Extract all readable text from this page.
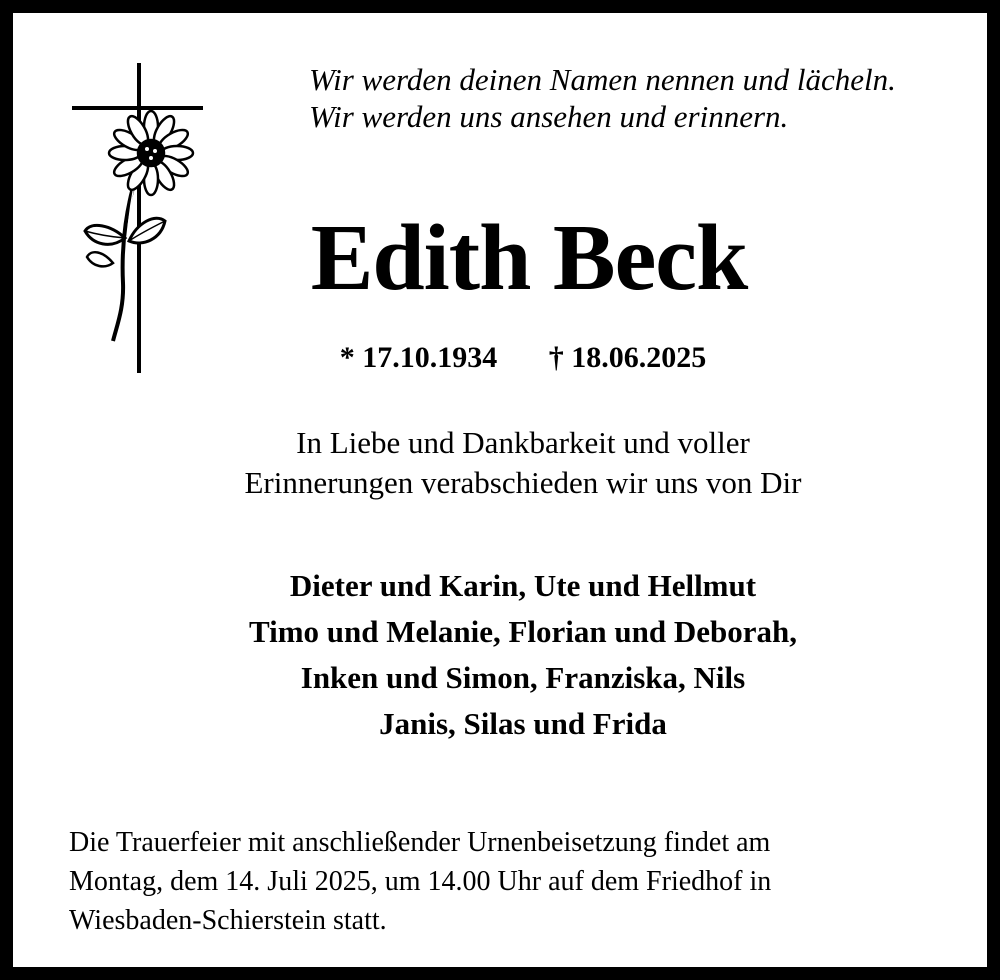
Wir werden deinen Namen nennen und lächeln.
Wir werden uns ansehen und erinnern.
Edith Beck
* 17.10.1934 † 18.06.2025
In Liebe und Dankbarkeit und voller
Erinnerungen verabschieden wir uns von Dir
Dieter und Karin, Ute und Hellmut
Timo und Melanie, Florian und Deborah,
Inken und Simon, Franziska, Nils
Janis, Silas und Frida
Die Trauerfeier mit anschließender Urnenbeisetzung findet am
Montag, dem 14. Juli 2025, um 14.00 Uhr auf dem Friedhof in
Wiesbaden-Schierstein statt.
